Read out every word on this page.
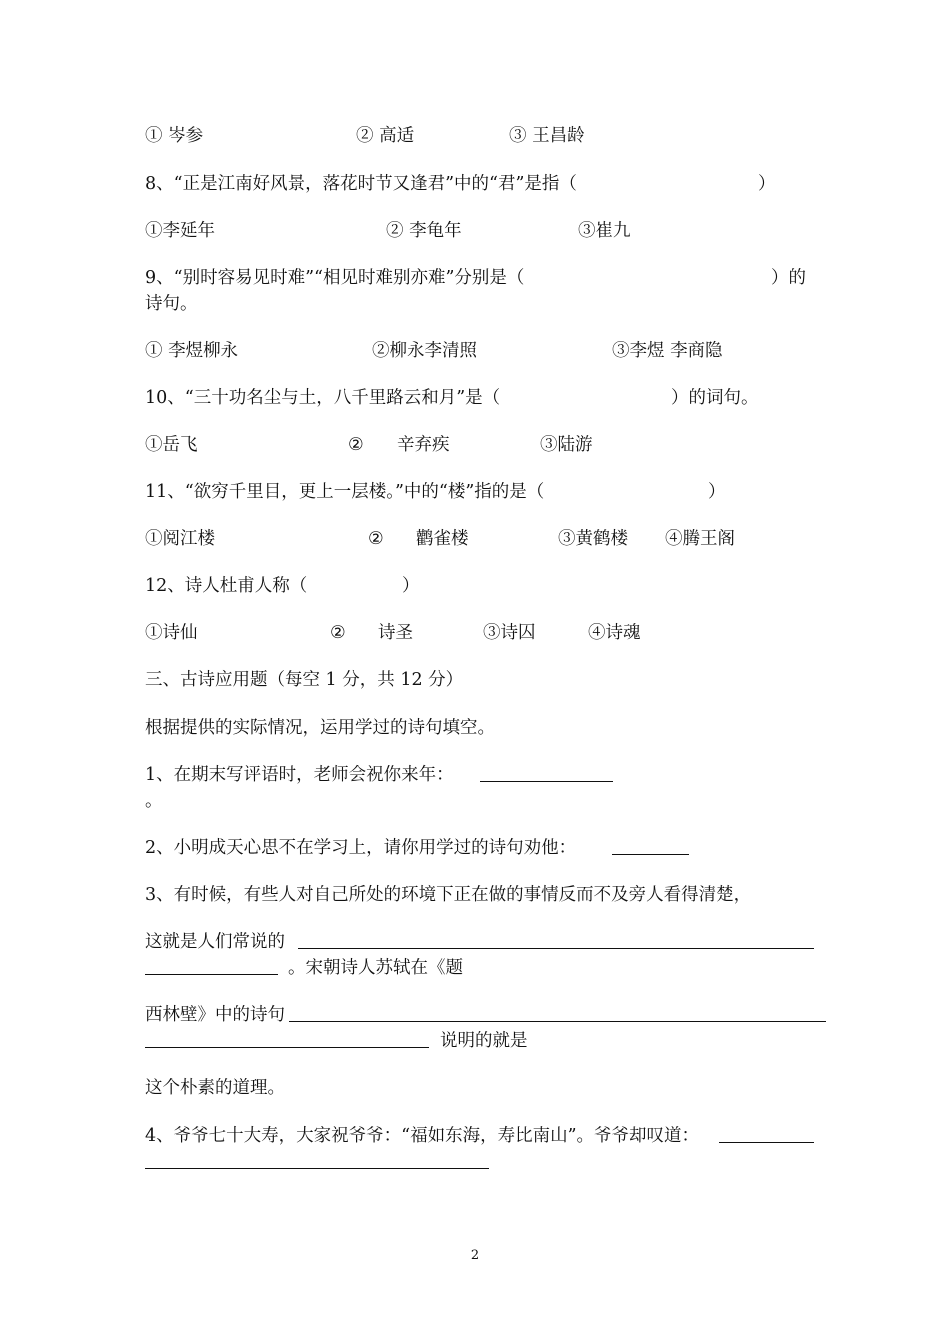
① 岑参	② 高适	③ 王昌龄
8、“正是江南好风景，落花时节又逢君”中的“君”是指（	）
①李延年	② 李龟年	③崔九
9、“别时容易见时难”“相见时难别亦难”分别是（	）的
诗句。
① 李煜柳永	②柳永李清照	③李煜 李商隐
10、“三十功名尘与土，八千里路云和月”是（	）的词句。
①岳飞	② 辛弃疾	③陆游
11、“欲穷千里目，更上一层楼。”中的“楼”指的是（	）
①阅江楼	② 鹳雀楼	③黄鹤楼 ④腾王阁
12、诗人杜甫人称（	）
①诗仙	② 诗圣	③诗囚	④诗魂
三、古诗应用题（每空 1 分，共 12 分）
根据提供的实际情况，运用学过的诗句填空。
1、在期末写评语时，老师会祝你来年：
。
2、小明成天心思不在学习上，请你用学过的诗句劝他：
3、有时候，有些人对自己所处的环境下正在做的事情反而不及旁人看得清楚，
这就是人们常说的
。宋朝诗人苏轼在《题
西林壁》中的诗句
说明的就是
这个朴素的道理。
4、爷爷七十大寿，大家祝爷爷：“福如东海，寿比南山”。爷爷却叹道：
2
